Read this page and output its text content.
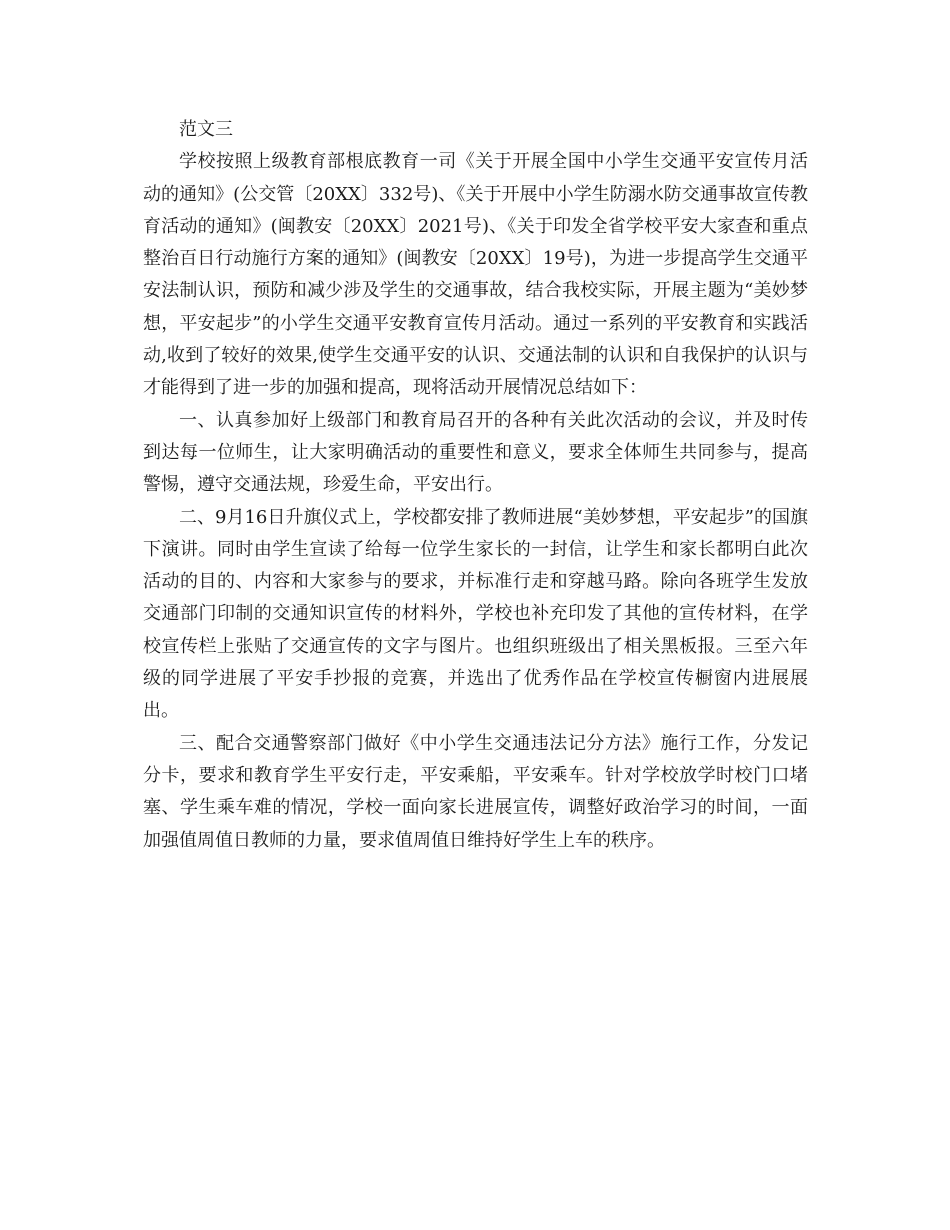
范文三

学校按照上级教育部根底教育一司《关于开展全国中小学生交通平安宣传月活动的通知》(公交管〔20XX〕332号)、《关于开展中小学生防溺水防交通事故宣传教育活动的通知》(闽教安〔20XX〕2021号)、《关于印发全省学校平安大家查和重点整治百日行动施行方案的通知》(闽教安〔20XX〕19号)，为进一步提高学生交通平安法制认识，预防和减少涉及学生的交通事故，结合我校实际，开展主题为“美妙梦想，平安起步”的小学生交通平安教育宣传月活动。通过一系列的平安教育和实践活动,收到了较好的效果,使学生交通平安的认识、交通法制的认识和自我保护的认识与才能得到了进一步的加强和提高，现将活动开展情况总结如下：

一、认真参加好上级部门和教育局召开的各种有关此次活动的会议，并及时传到达每一位师生，让大家明确活动的重要性和意义，要求全体师生共同参与，提高警惕，遵守交通法规，珍爱生命，平安出行。

二、9月16日升旗仪式上，学校都安排了教师进展“美妙梦想，平安起步”的国旗下演讲。同时由学生宣读了给每一位学生家长的一封信，让学生和家长都明白此次活动的目的、内容和大家参与的要求，并标准行走和穿越马路。除向各班学生发放交通部门印制的交通知识宣传的材料外，学校也补充印发了其他的宣传材料，在学校宣传栏上张贴了交通宣传的文字与图片。也组织班级出了相关黑板报。三至六年级的同学进展了平安手抄报的竞赛，并选出了优秀作品在学校宣传橱窗内进展展出。

三、配合交通警察部门做好《中小学生交通违法记分方法》施行工作，分发记分卡，要求和教育学生平安行走，平安乘船，平安乘车。针对学校放学时校门口堵塞、学生乘车难的情况，学校一面向家长进展宣传，调整好政治学习的时间，一面加强值周值日教师的力量，要求值周值日维持好学生上车的秩序。
